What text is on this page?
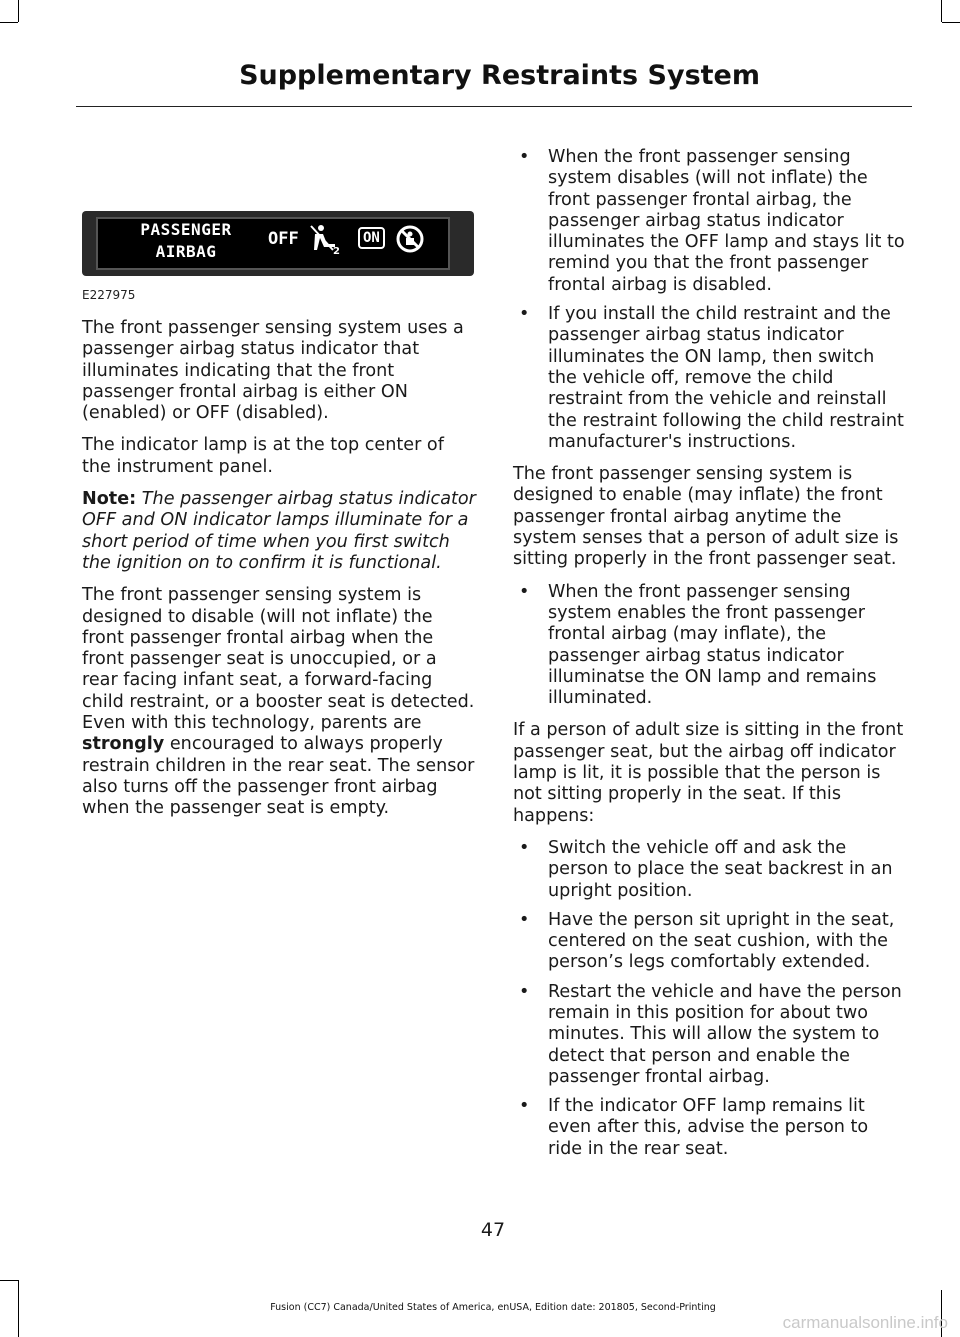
Supplementary Restraints System
PASSENGER
AIRBAG
OFF
2
ON
E227975

The front passenger sensing system uses a passenger airbag status indicator that illuminates indicating that the front passenger frontal airbag is either ON (enabled) or OFF (disabled).

The indicator lamp is at the top center of the instrument panel.

Note: The passenger airbag status indicator OFF and ON indicator lamps illuminate for a short period of time when you first switch the ignition on to confirm it is functional.

The front passenger sensing system is designed to disable (will not inflate) the front passenger frontal airbag when the front passenger seat is unoccupied, or a rear facing infant seat, a forward-facing child restraint, or a booster seat is detected. Even with this technology, parents are strongly encouraged to always properly restrain children in the rear seat. The sensor also turns off the passenger front airbag when the passenger seat is empty.

• When the front passenger sensing system disables (will not inflate) the front passenger frontal airbag, the passenger airbag status indicator illuminates the OFF lamp and stays lit to remind you that the front passenger frontal airbag is disabled.
• If you install the child restraint and the passenger airbag status indicator illuminates the ON lamp, then switch the vehicle off, remove the child restraint from the vehicle and reinstall the restraint following the child restraint manufacturer's instructions.

The front passenger sensing system is designed to enable (may inflate) the front passenger frontal airbag anytime the system senses that a person of adult size is sitting properly in the front passenger seat.

• When the front passenger sensing system enables the front passenger frontal airbag (may inflate), the passenger airbag status indicator illuminatse the ON lamp and remains illuminated.

If a person of adult size is sitting in the front passenger seat, but the airbag off indicator lamp is lit, it is possible that the person is not sitting properly in the seat. If this happens:

• Switch the vehicle off and ask the person to place the seat backrest in an upright position.
• Have the person sit upright in the seat, centered on the seat cushion, with the person’s legs comfortably extended.
• Restart the vehicle and have the person remain in this position for about two minutes. This will allow the system to detect that person and enable the passenger frontal airbag.
• If the indicator OFF lamp remains lit even after this, advise the person to ride in the rear seat.
47
Fusion (CC7) Canada/United States of America, enUSA, Edition date: 201805, Second-Printing
carmanualsonline.info
